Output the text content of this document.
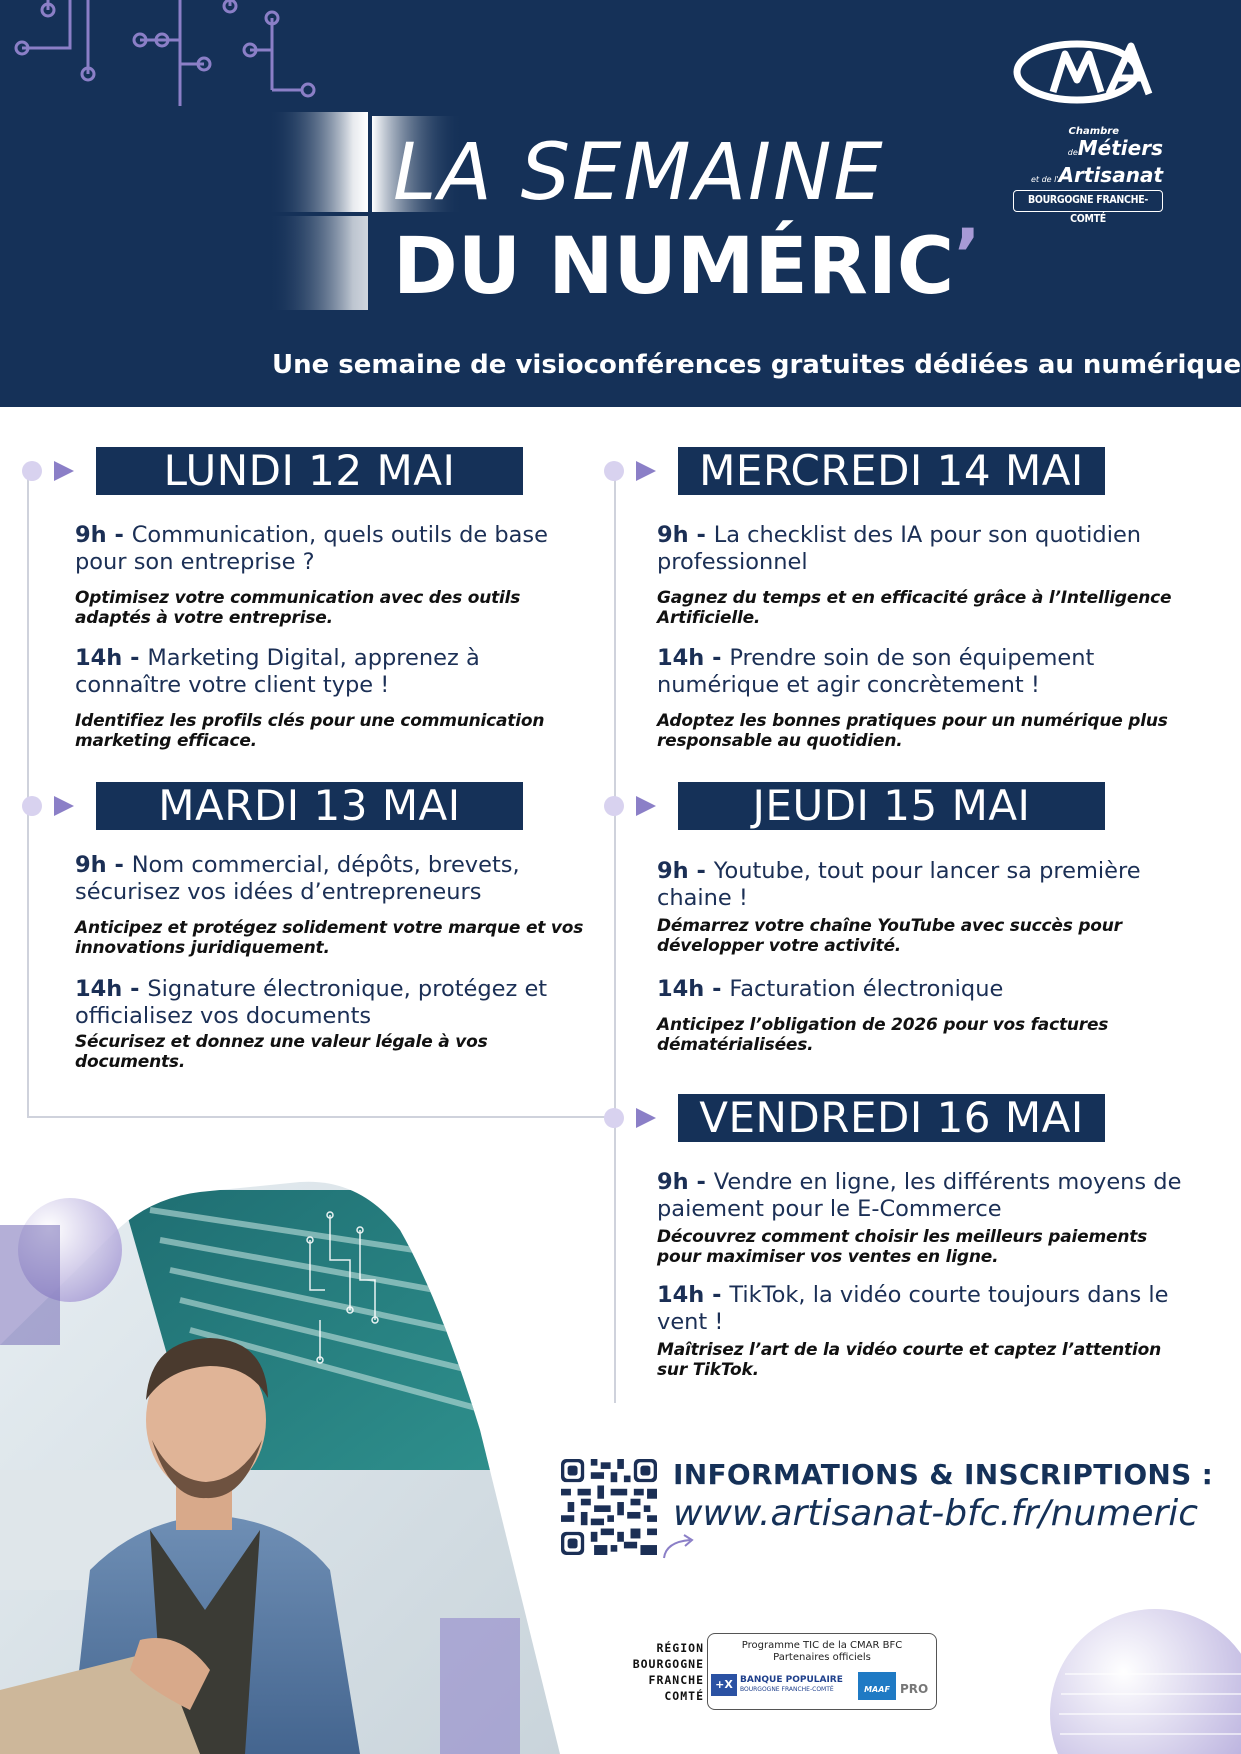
LA SEMAINE
DU NUMÉRIC’
Une semaine de visioconférences gratuites dédiées au numérique
Chambre
deMétiers
et de l'Artisanat
BOURGOGNE FRANCHE-COMTÉ
LUNDI 12 MAI
9h - Communication, quels outils de base pour son entreprise ?
Optimisez votre communication avec des outils adaptés à votre entreprise.
14h - Marketing Digital, apprenez à connaître votre client type !
Identifiez les profils clés pour une communication marketing efficace.
MARDI 13 MAI
9h - Nom commercial, dépôts, brevets, sécurisez vos idées d’entrepreneurs
Anticipez et protégez solidement votre marque et vos innovations juridiquement.
14h - Signature électronique, protégez et officialisez vos documents
Sécurisez et donnez une valeur légale à vos documents.
MERCREDI 14 MAI
9h - La checklist des IA pour son quotidien professionnel
Gagnez du temps et en efficacité grâce à l’Intelligence Artificielle.
14h - Prendre soin de son équipement numérique et agir concrètement !
Adoptez les bonnes pratiques pour un numérique plus responsable au quotidien.
JEUDI 15 MAI
9h - Youtube, tout pour lancer sa première chaine !
Démarrez votre chaîne YouTube avec succès pour développer votre activité.
14h - Facturation électronique
Anticipez l’obligation de 2026 pour vos factures dématérialisées.
VENDREDI 16 MAI
9h - Vendre en ligne, les différents moyens de paiement pour le E-Commerce
Découvrez comment choisir les meilleurs paiements pour maximiser vos ventes en ligne.
14h - TikTok, la vidéo courte toujours dans le vent !
Maîtrisez l’art de la vidéo courte et captez l’attention sur TikTok.
INFORMATIONS & INSCRIPTIONS :
www.artisanat-bfc.fr/numeric
RÉGION
BOURGOGNE
FRANCHE
COMTÉ
Programme TIC de la CMAR BFC
Partenaires officiels
+X BANQUE POPULAIRE
BOURGOGNE FRANCHE-COMTÉ	MAAF PRO
